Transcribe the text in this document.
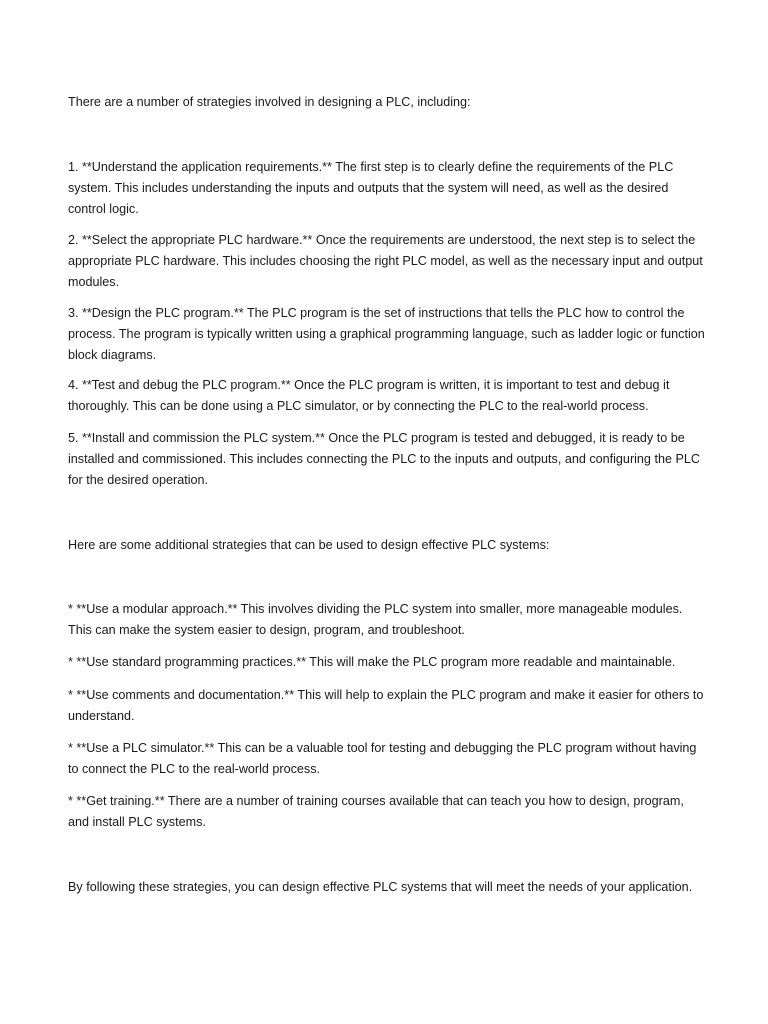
There are a number of strategies involved in designing a PLC, including:

1. **Understand the application requirements.** The first step is to clearly define the requirements of the PLC system. This includes understanding the inputs and outputs that the system will need, as well as the desired control logic.

2. **Select the appropriate PLC hardware.** Once the requirements are understood, the next step is to select the appropriate PLC hardware. This includes choosing the right PLC model, as well as the necessary input and output modules.

3. **Design the PLC program.** The PLC program is the set of instructions that tells the PLC how to control the process. The program is typically written using a graphical programming language, such as ladder logic or function block diagrams.

4. **Test and debug the PLC program.** Once the PLC program is written, it is important to test and debug it thoroughly. This can be done using a PLC simulator, or by connecting the PLC to the real-world process.

5. **Install and commission the PLC system.** Once the PLC program is tested and debugged, it is ready to be installed and commissioned. This includes connecting the PLC to the inputs and outputs, and configuring the PLC for the desired operation.

Here are some additional strategies that can be used to design effective PLC systems:

* **Use a modular approach.** This involves dividing the PLC system into smaller, more manageable modules. This can make the system easier to design, program, and troubleshoot.

* **Use standard programming practices.** This will make the PLC program more readable and maintainable.

* **Use comments and documentation.** This will help to explain the PLC program and make it easier for others to understand.

* **Use a PLC simulator.** This can be a valuable tool for testing and debugging the PLC program without having to connect the PLC to the real-world process.

* **Get training.** There are a number of training courses available that can teach you how to design, program, and install PLC systems.

By following these strategies, you can design effective PLC systems that will meet the needs of your application.
